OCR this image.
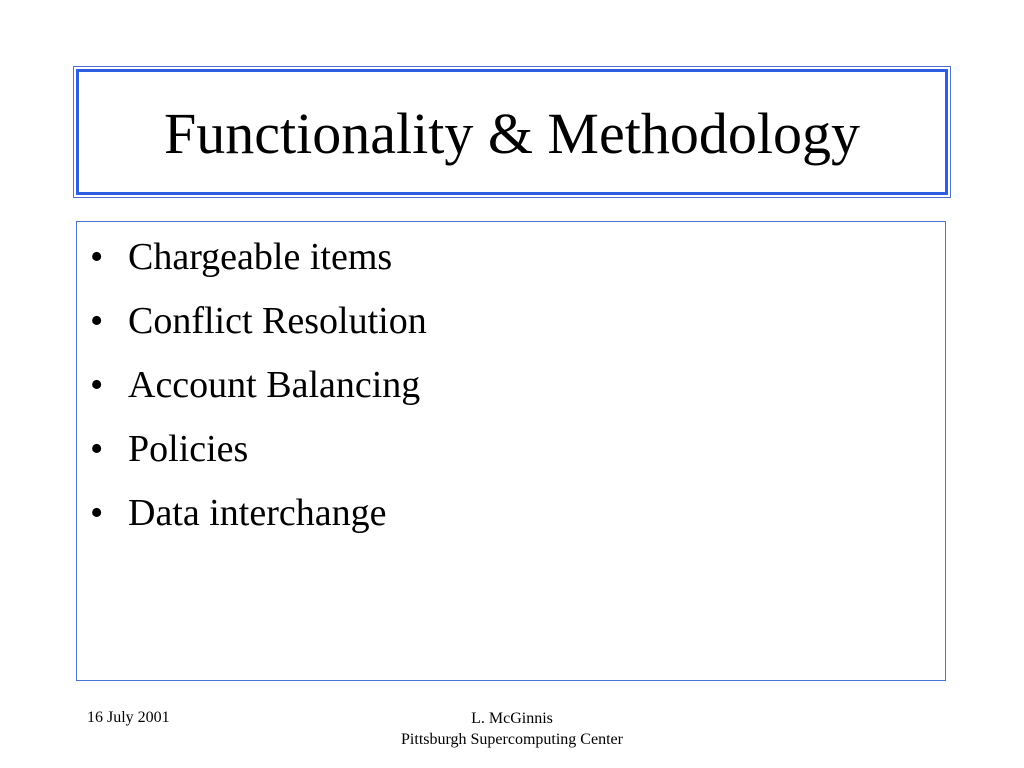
Functionality & Methodology
• Chargeable items
• Conflict Resolution
• Account Balancing
• Policies
• Data interchange
16 July 2001	L. McGinnis
Pittsburgh Supercomputing Center
